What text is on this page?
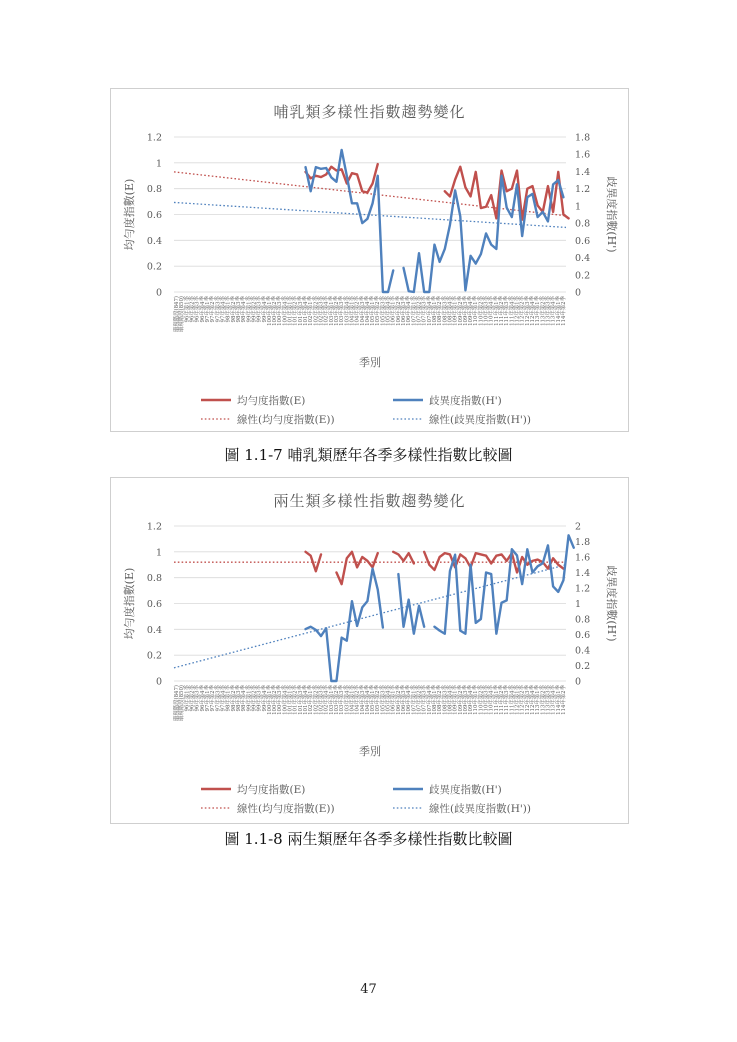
哺乳類多樣性指數趨勢變化
0
0.2
0.4
0.6
0.8
1
1.2
0
0.2
0.4
0.6
0.8
1
1.2
1.4
1.6
1.8
均勻度指數(E)	歧異度指數(H')
環現階段(847) 環現階段(850) 96年第1季 96年第2季 96年第3季 96年第4季 97年第1季 97年第2季 97年第3季 97年第4季 98年第1季 98年第2季 98年第3季 98年第4季 99年第1季 99年第2季 99年第3季 99年第4季 100年第1季 100年第2季 100年第3季 100年第4季 101年第1季 101年第2季 101年第3季 101年第4季 102年第1季 102年第2季 102年第3季 102年第4季 103年第1季 103年第2季 103年第3季 103年第4季 104年第1季 104年第2季 104年第3季 104年第4季 105年第1季 105年第2季 105年第3季 105年第4季 106年第1季 106年第2季 106年第3季 106年第4季 107年第1季 107年第2季 107年第3季 107年第4季 108年第1季 108年第2季 108年第3季 108年第4季 109年第1季 109年第2季 109年第3季 109年第4季 110年第1季 110年第2季 110年第3季 110年第4季 111年第1季 111年第2季 111年第3季 111年第4季 112年第1季 112年第2季 112年第3季 112年第4季 113年第1季 113年第2季 113年第3季 113年第4季 114年第1季 114年第2季
季別
均勻度指數(E)	歧異度指數(H')
線性(均勻度指數(E))	線性(歧異度指數(H'))
圖 1.1-7 哺乳類歷年各季多樣性指數比較圖
兩生類多樣性指數趨勢變化
0
0.2
0.4
0.6
0.8
1
1.2
0
0.2
0.4
0.6
0.8
1
1.2
1.4
1.6
1.8
2
均勻度指數(E)	歧異度指數(H')
環現階段(847) 環現階段(850) 96年第1季 96年第2季 96年第3季 96年第4季 97年第1季 97年第2季 97年第3季 97年第4季 98年第1季 98年第2季 98年第3季 98年第4季 99年第1季 99年第2季 99年第3季 99年第4季 100年第1季 100年第2季 100年第3季 100年第4季 101年第1季 101年第2季 101年第3季 101年第4季 102年第1季 102年第2季 102年第3季 102年第4季 103年第1季 103年第2季 103年第3季 103年第4季 104年第1季 104年第2季 104年第3季 104年第4季 105年第1季 105年第2季 105年第3季 105年第4季 106年第1季 106年第2季 106年第3季 106年第4季 107年第1季 107年第2季 107年第3季 107年第4季 108年第1季 108年第2季 108年第3季 108年第4季 109年第1季 109年第2季 109年第3季 109年第4季 110年第1季 110年第2季 110年第3季 110年第4季 111年第1季 111年第2季 111年第3季 111年第4季 112年第1季 112年第2季 112年第3季 112年第4季 113年第1季 113年第2季 113年第3季 113年第4季 114年第1季 114年第2季
季別
均勻度指數(E)	歧異度指數(H')
線性(均勻度指數(E))	線性(歧異度指數(H'))
圖 1.1-8 兩生類歷年各季多樣性指數比較圖
47
